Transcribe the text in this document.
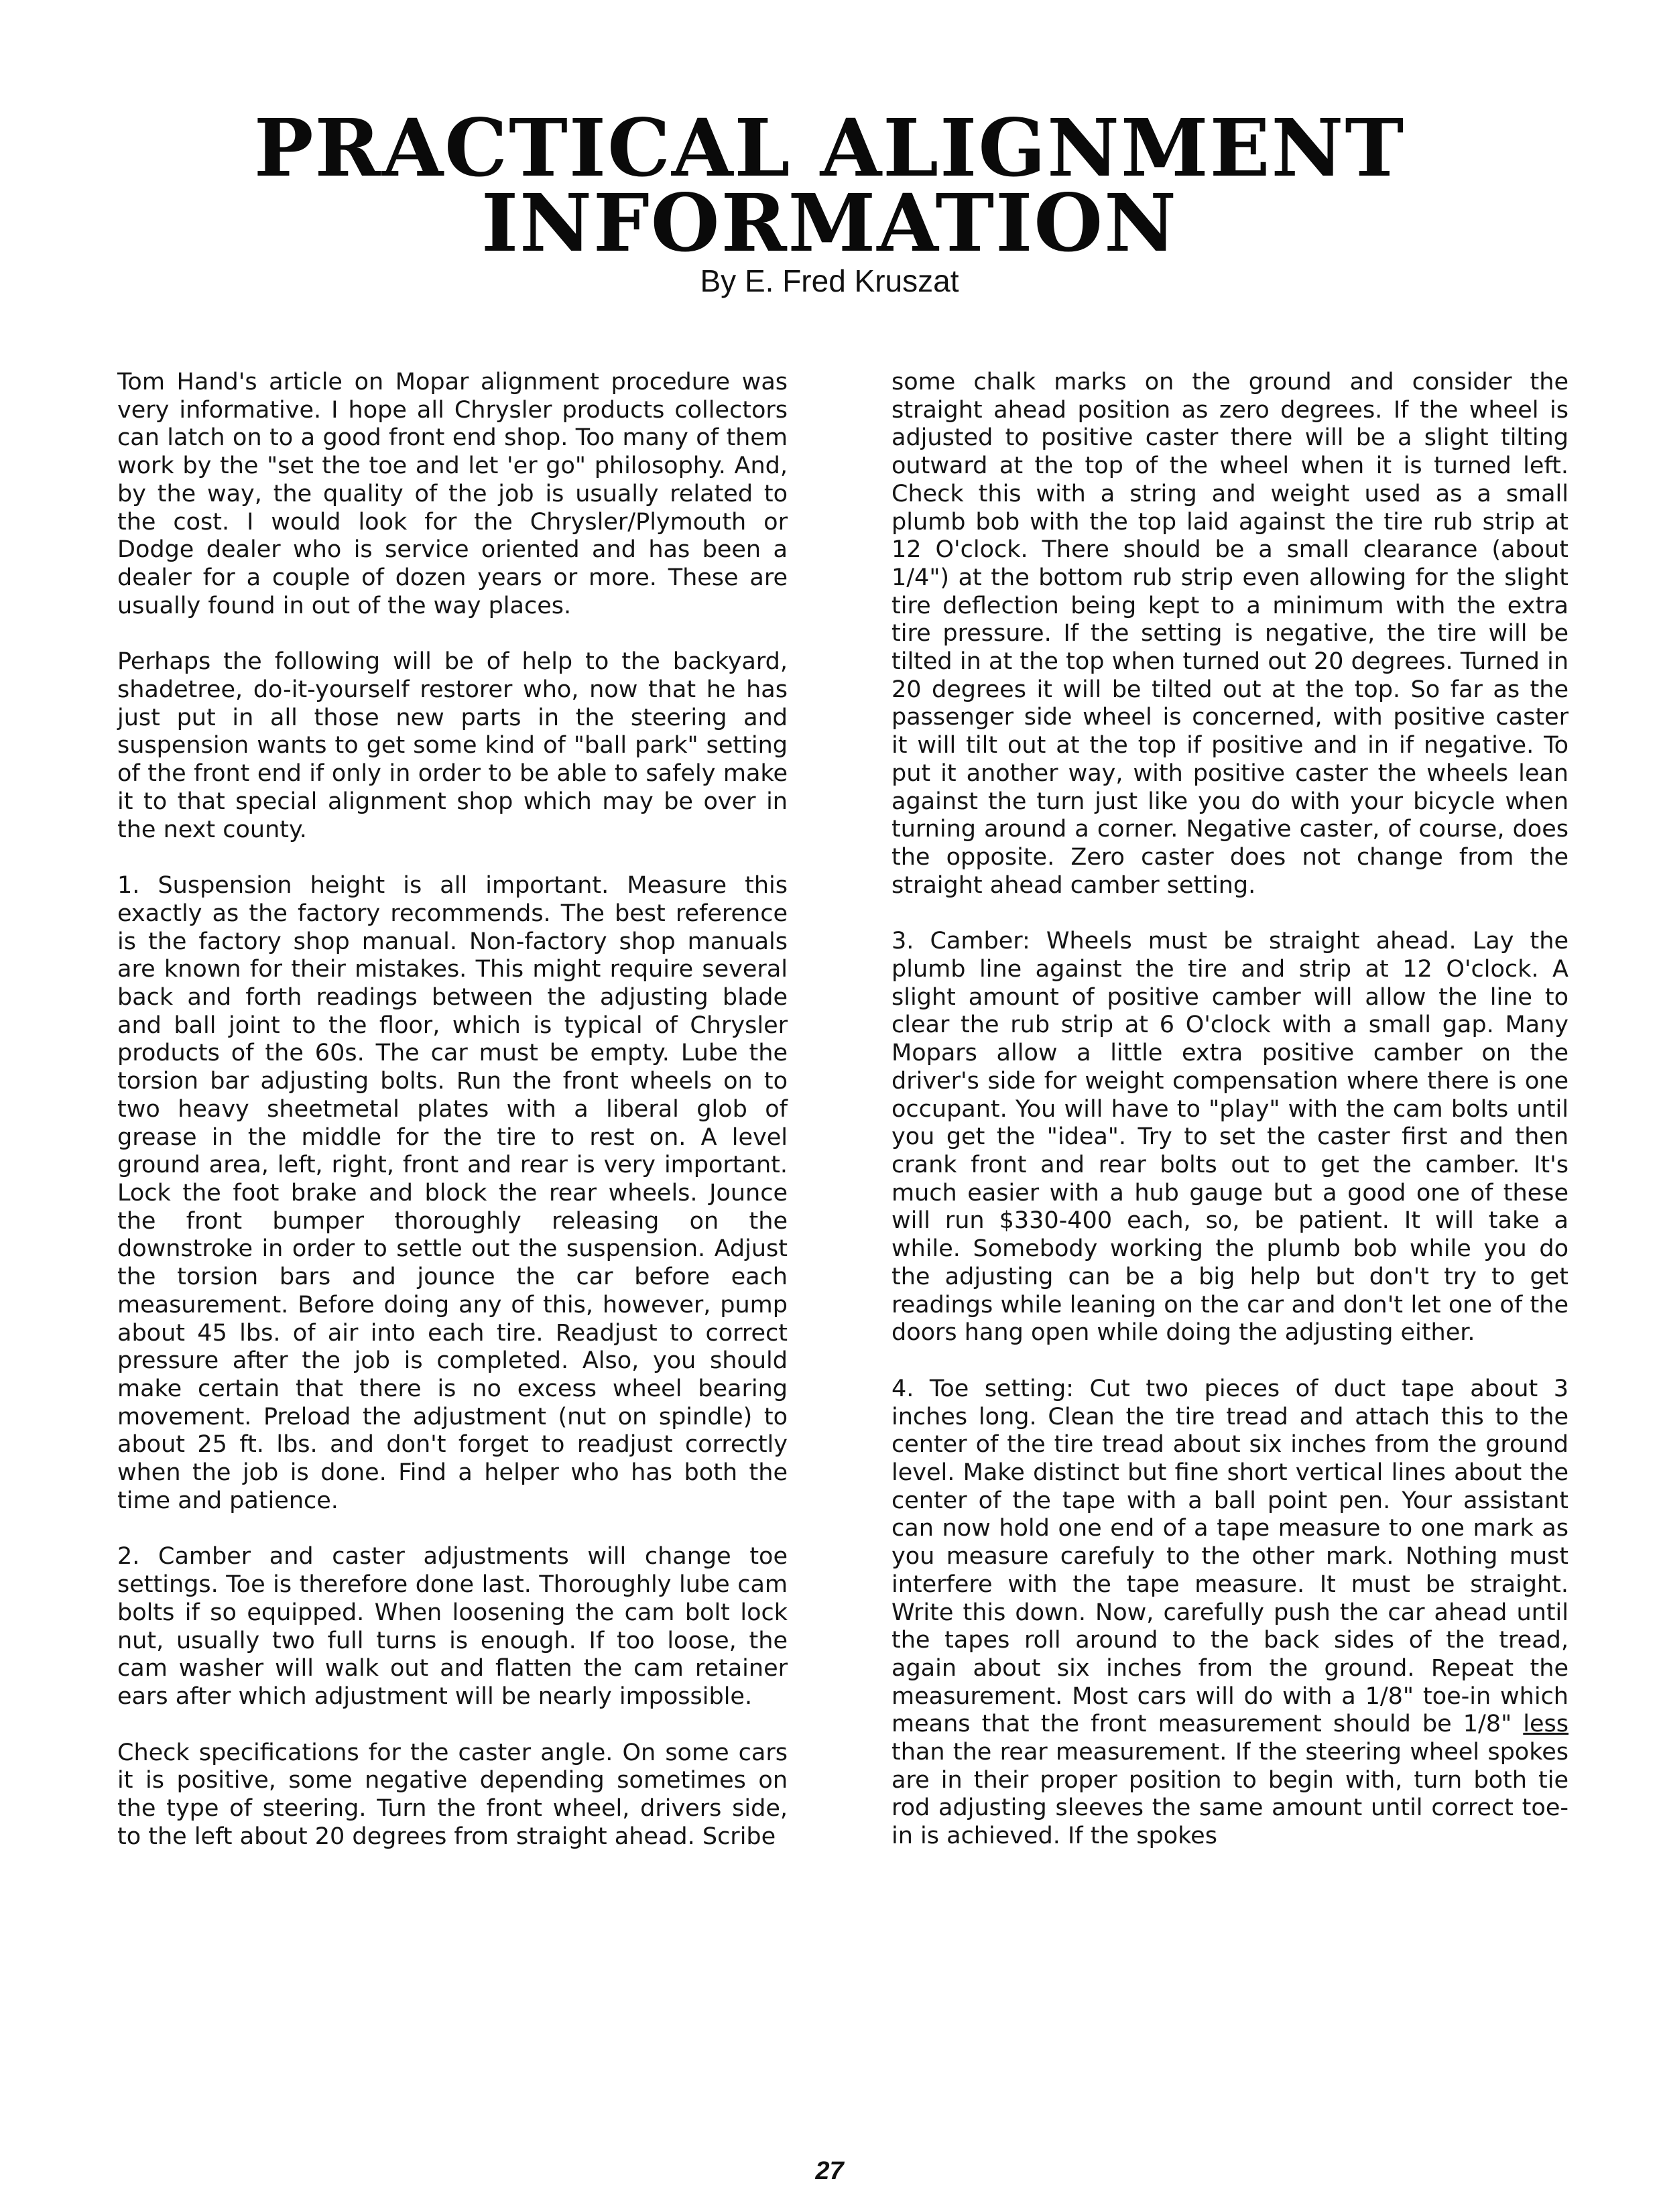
PRACTICAL ALIGNMENT
INFORMATION
By E. Fred Kruszat

Tom Hand's article on Mopar alignment procedure was very informative. I hope all Chrysler products collectors can latch on to a good front end shop. Too many of them work by the "set the toe and let 'er go" philosophy. And, by the way, the quality of the job is usually related to the cost. I would look for the Chrysler/Plymouth or Dodge dealer who is service oriented and has been a dealer for a couple of dozen years or more. These are usually found in out of the way places.

Perhaps the following will be of help to the backyard, shadetree, do-it-yourself restorer who, now that he has just put in all those new parts in the steering and suspension wants to get some kind of "ball park" setting of the front end if only in order to be able to safely make it to that special alignment shop which may be over in the next county.

1. Suspension height is all important. Measure this exactly as the factory recommends. The best reference is the factory shop manual. Non-factory shop manuals are known for their mistakes. This might require several back and forth readings between the adjusting blade and ball joint to the floor, which is typical of Chrysler products of the 60s. The car must be empty. Lube the torsion bar adjusting bolts. Run the front wheels on to two heavy sheetmetal plates with a liberal glob of grease in the middle for the tire to rest on. A level ground area, left, right, front and rear is very important. Lock the foot brake and block the rear wheels. Jounce the front bumper thoroughly releasing on the downstroke in order to settle out the suspension. Adjust the torsion bars and jounce the car before each measurement. Before doing any of this, however, pump about 45 lbs. of air into each tire. Readjust to correct pressure after the job is completed. Also, you should make certain that there is no excess wheel bearing movement. Preload the adjustment (nut on spindle) to about 25 ft. lbs. and don't forget to readjust correctly when the job is done. Find a helper who has both the time and patience.

2. Camber and caster adjustments will change toe settings. Toe is therefore done last. Thoroughly lube cam bolts if so equipped. When loosening the cam bolt lock nut, usually two full turns is enough. If too loose, the cam washer will walk out and flatten the cam retainer ears after which adjustment will be nearly impossible.

Check specifications for the caster angle. On some cars it is positive, some negative depending sometimes on the type of steering. Turn the front wheel, drivers side, to the left about 20 degrees from straight ahead. Scribe

some chalk marks on the ground and consider the straight ahead position as zero degrees. If the wheel is adjusted to positive caster there will be a slight tilting outward at the top of the wheel when it is turned left. Check this with a string and weight used as a small plumb bob with the top laid against the tire rub strip at 12 O'clock. There should be a small clearance (about 1/4") at the bottom rub strip even allowing for the slight tire deflection being kept to a minimum with the extra tire pressure. If the setting is negative, the tire will be tilted in at the top when turned out 20 degrees. Turned in 20 degrees it will be tilted out at the top. So far as the passenger side wheel is concerned, with positive caster it will tilt out at the top if positive and in if negative. To put it another way, with positive caster the wheels lean against the turn just like you do with your bicycle when turning around a corner. Negative caster, of course, does the opposite. Zero caster does not change from the straight ahead camber setting.

3. Camber: Wheels must be straight ahead. Lay the plumb line against the tire and strip at 12 O'clock. A slight amount of positive camber will allow the line to clear the rub strip at 6 O'clock with a small gap. Many Mopars allow a little extra positive camber on the driver's side for weight compensation where there is one occupant. You will have to "play" with the cam bolts until you get the "idea". Try to set the caster first and then crank front and rear bolts out to get the camber. It's much easier with a hub gauge but a good one of these will run $330-400 each, so, be patient. It will take a while. Somebody working the plumb bob while you do the adjusting can be a big help but don't try to get readings while leaning on the car and don't let one of the doors hang open while doing the adjusting either.

4. Toe setting: Cut two pieces of duct tape about 3 inches long. Clean the tire tread and attach this to the center of the tire tread about six inches from the ground level. Make distinct but fine short vertical lines about the center of the tape with a ball point pen. Your assistant can now hold one end of a tape measure to one mark as you measure carefuly to the other mark. Nothing must interfere with the tape measure. It must be straight. Write this down. Now, carefully push the car ahead until the tapes roll around to the back sides of the tread, again about six inches from the ground. Repeat the measurement. Most cars will do with a 1/8" toe-in which means that the front measurement should be 1/8" less than the rear measurement. If the steering wheel spokes are in their proper position to begin with, turn both tie rod adjusting sleeves the same amount until correct toe-in is achieved. If the spokes

27
